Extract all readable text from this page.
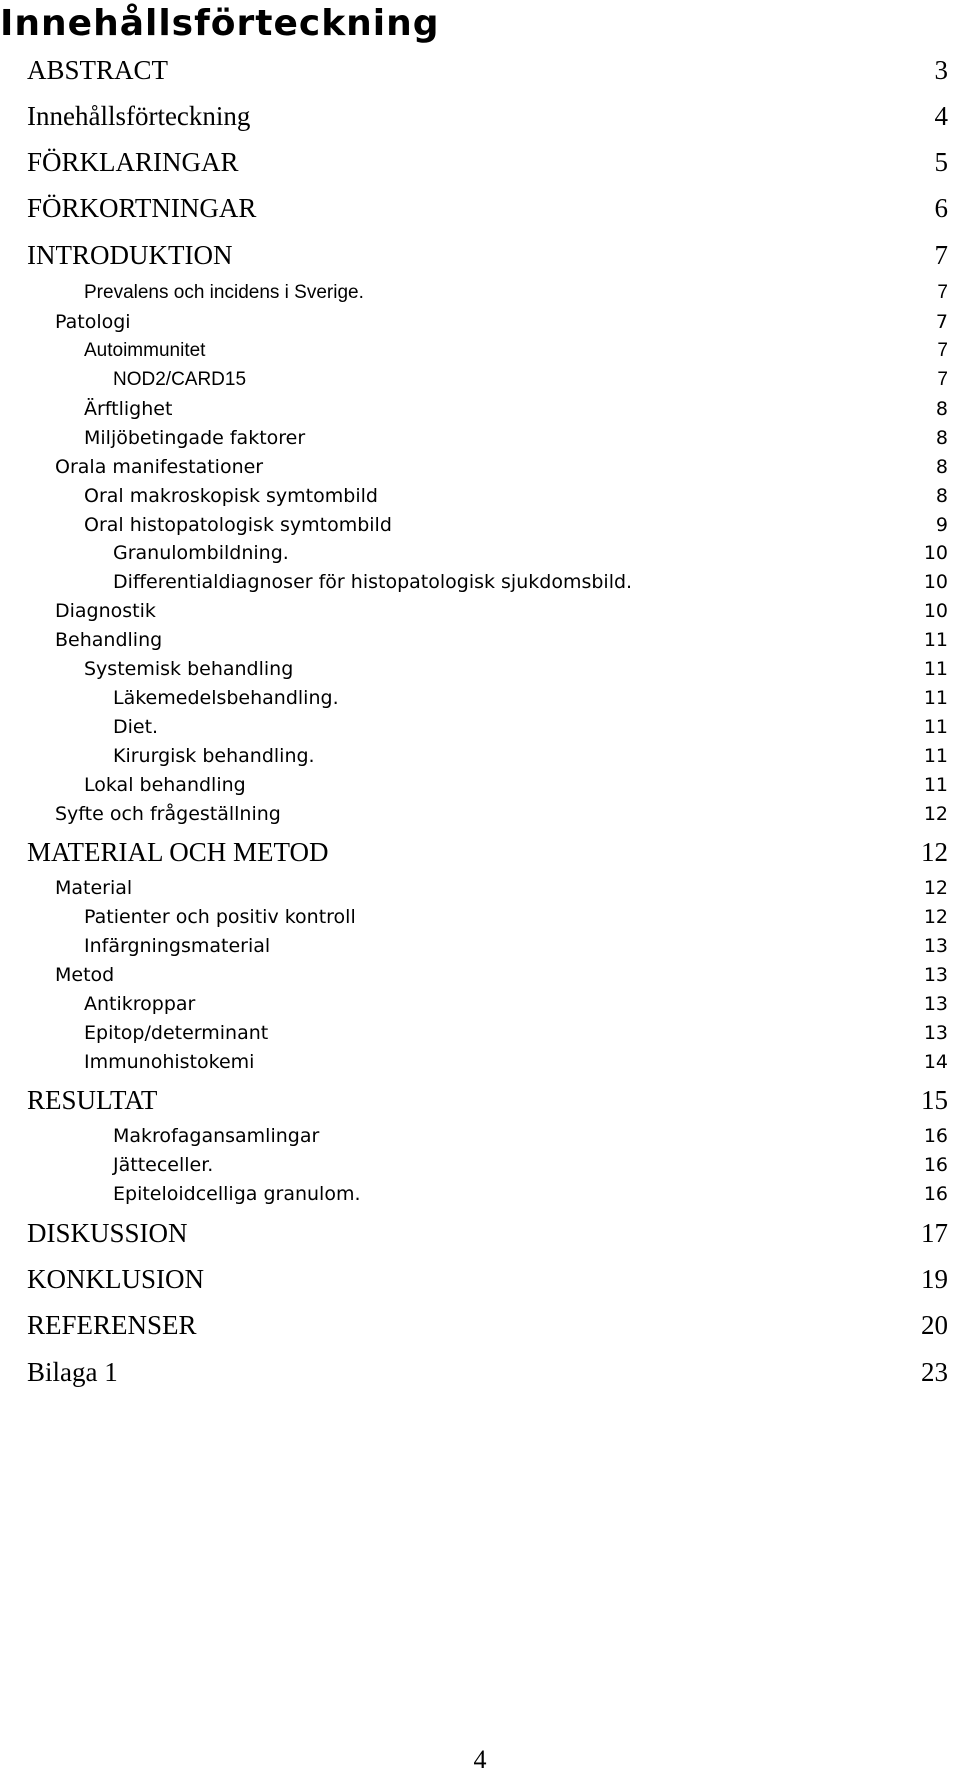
Innehållsförteckning
ABSTRACT	3
Innehållsförteckning	4
FÖRKLARINGAR	5
FÖRKORTNINGAR	6
INTRODUKTION	7
Prevalens och incidens i Sverige.	7
Patologi	7
Autoimmunitet	7
NOD2/CARD15	7
Ärftlighet	8
Miljöbetingade faktorer	8
Orala manifestationer	8
Oral makroskopisk symtombild	8
Oral histopatologisk symtombild	9
Granulombildning.	10
Differentialdiagnoser för histopatologisk sjukdomsbild.	10
Diagnostik	10
Behandling	11
Systemisk behandling	11
Läkemedelsbehandling.	11
Diet.	11
Kirurgisk behandling.	11
Lokal behandling	11
Syfte och frågeställning	12
MATERIAL OCH METOD	12
Material	12
Patienter och positiv kontroll	12
Infärgningsmaterial	13
Metod	13
Antikroppar	13
Epitop/determinant	13
Immunohistokemi	14
RESULTAT	15
Makrofagansamlingar	16
Jätteceller.	16
Epiteloidcelliga granulom.	16
DISKUSSION	17
KONKLUSION	19
REFERENSER	20
Bilaga 1	23

4
